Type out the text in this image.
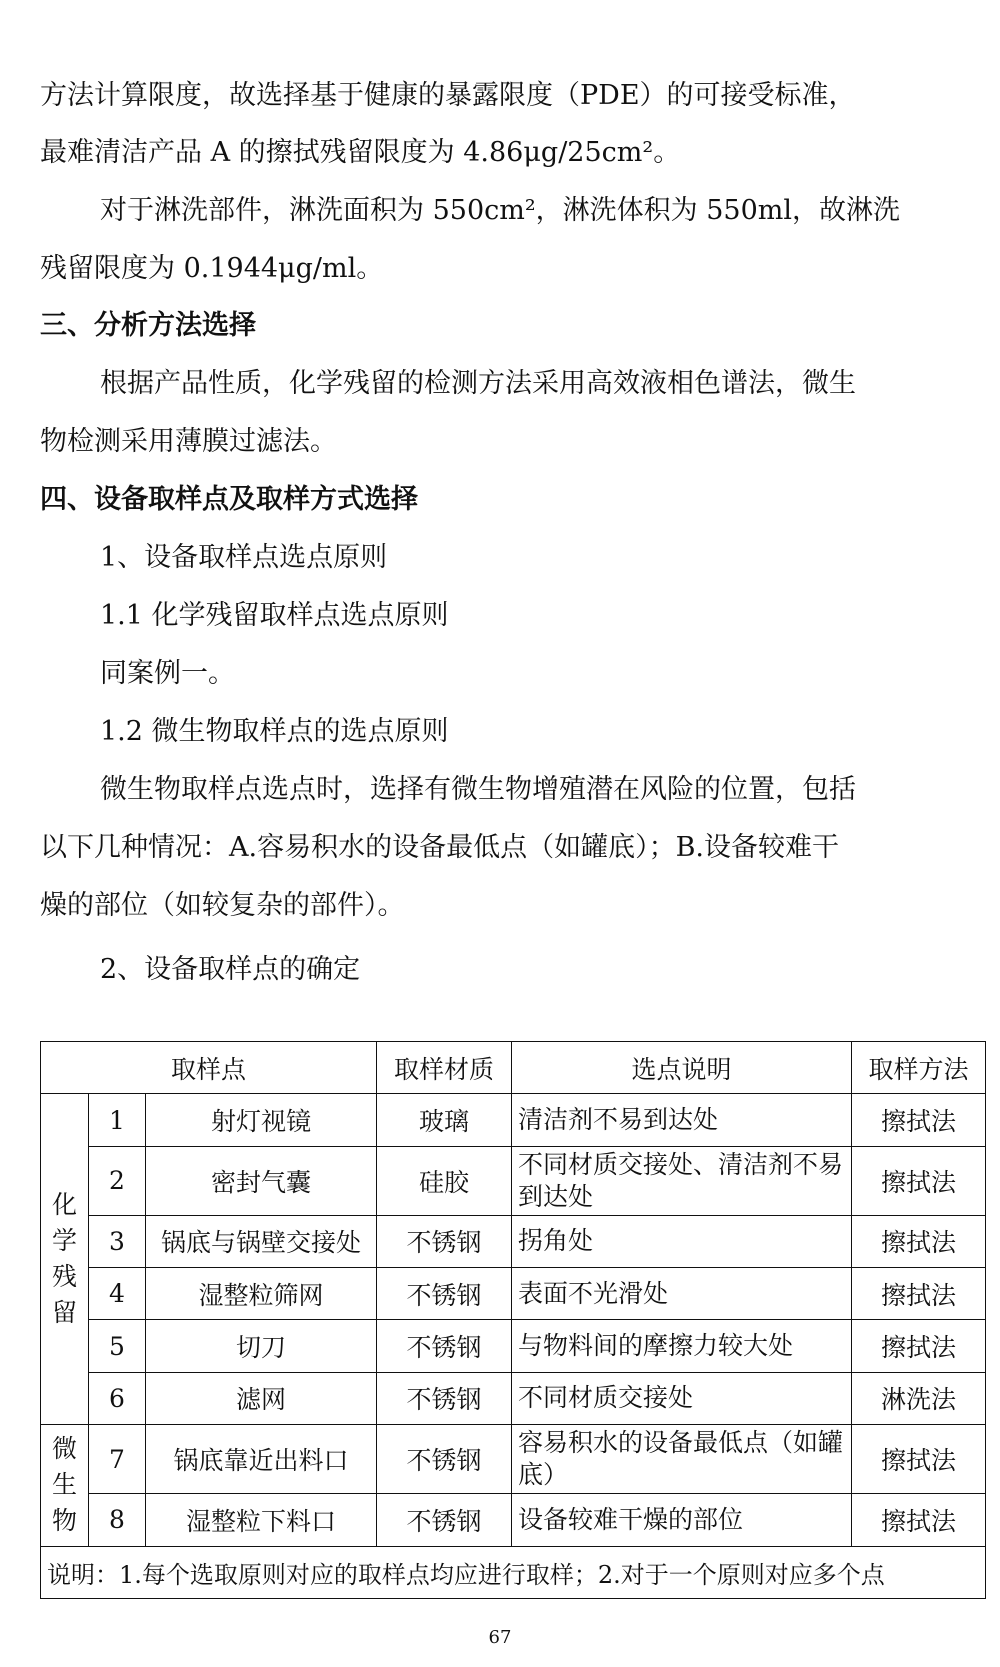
方法计算限度，故选择基于健康的暴露限度（PDE）的可接受标准，
最难清洁产品 A 的擦拭残留限度为 4.86μg/25cm²。
对于淋洗部件，淋洗面积为 550cm²，淋洗体积为 550ml，故淋洗
残留限度为 0.1944μg/ml。
三、分析方法选择
根据产品性质，化学残留的检测方法采用高效液相色谱法，微生
物检测采用薄膜过滤法。
四、设备取样点及取样方式选择
1、设备取样点选点原则
1.1 化学残留取样点选点原则
同案例一。
1.2 微生物取样点的选点原则
微生物取样点选点时，选择有微生物增殖潜在风险的位置，包括
以下几种情况：A.容易积水的设备最低点（如罐底）；B.设备较难干
燥的部位（如较复杂的部件）。
2、设备取样点的确定
取样点			取样材质	选点说明	取样方法

化学残留	1	射灯视镜	玻璃	清洁剂不易到达处	擦拭法
	2	密封气囊	硅胶	不同材质交接处、清洁剂不易到达处	擦拭法
	3	锅底与锅壁交接处	不锈钢	拐角处	擦拭法
	4	湿整粒筛网	不锈钢	表面不光滑处	擦拭法
	5	切刀	不锈钢	与物料间的摩擦力较大处	擦拭法
	6	滤网	不锈钢	不同材质交接处	淋洗法

微生物	7	锅底靠近出料口	不锈钢	容易积水的设备最低点（如罐底）	擦拭法
	8	湿整粒下料口	不锈钢	设备较难干燥的部位	擦拭法
说明：1.每个选取原则对应的取样点均应进行取样；2.对于一个原则对应多个点					
67
